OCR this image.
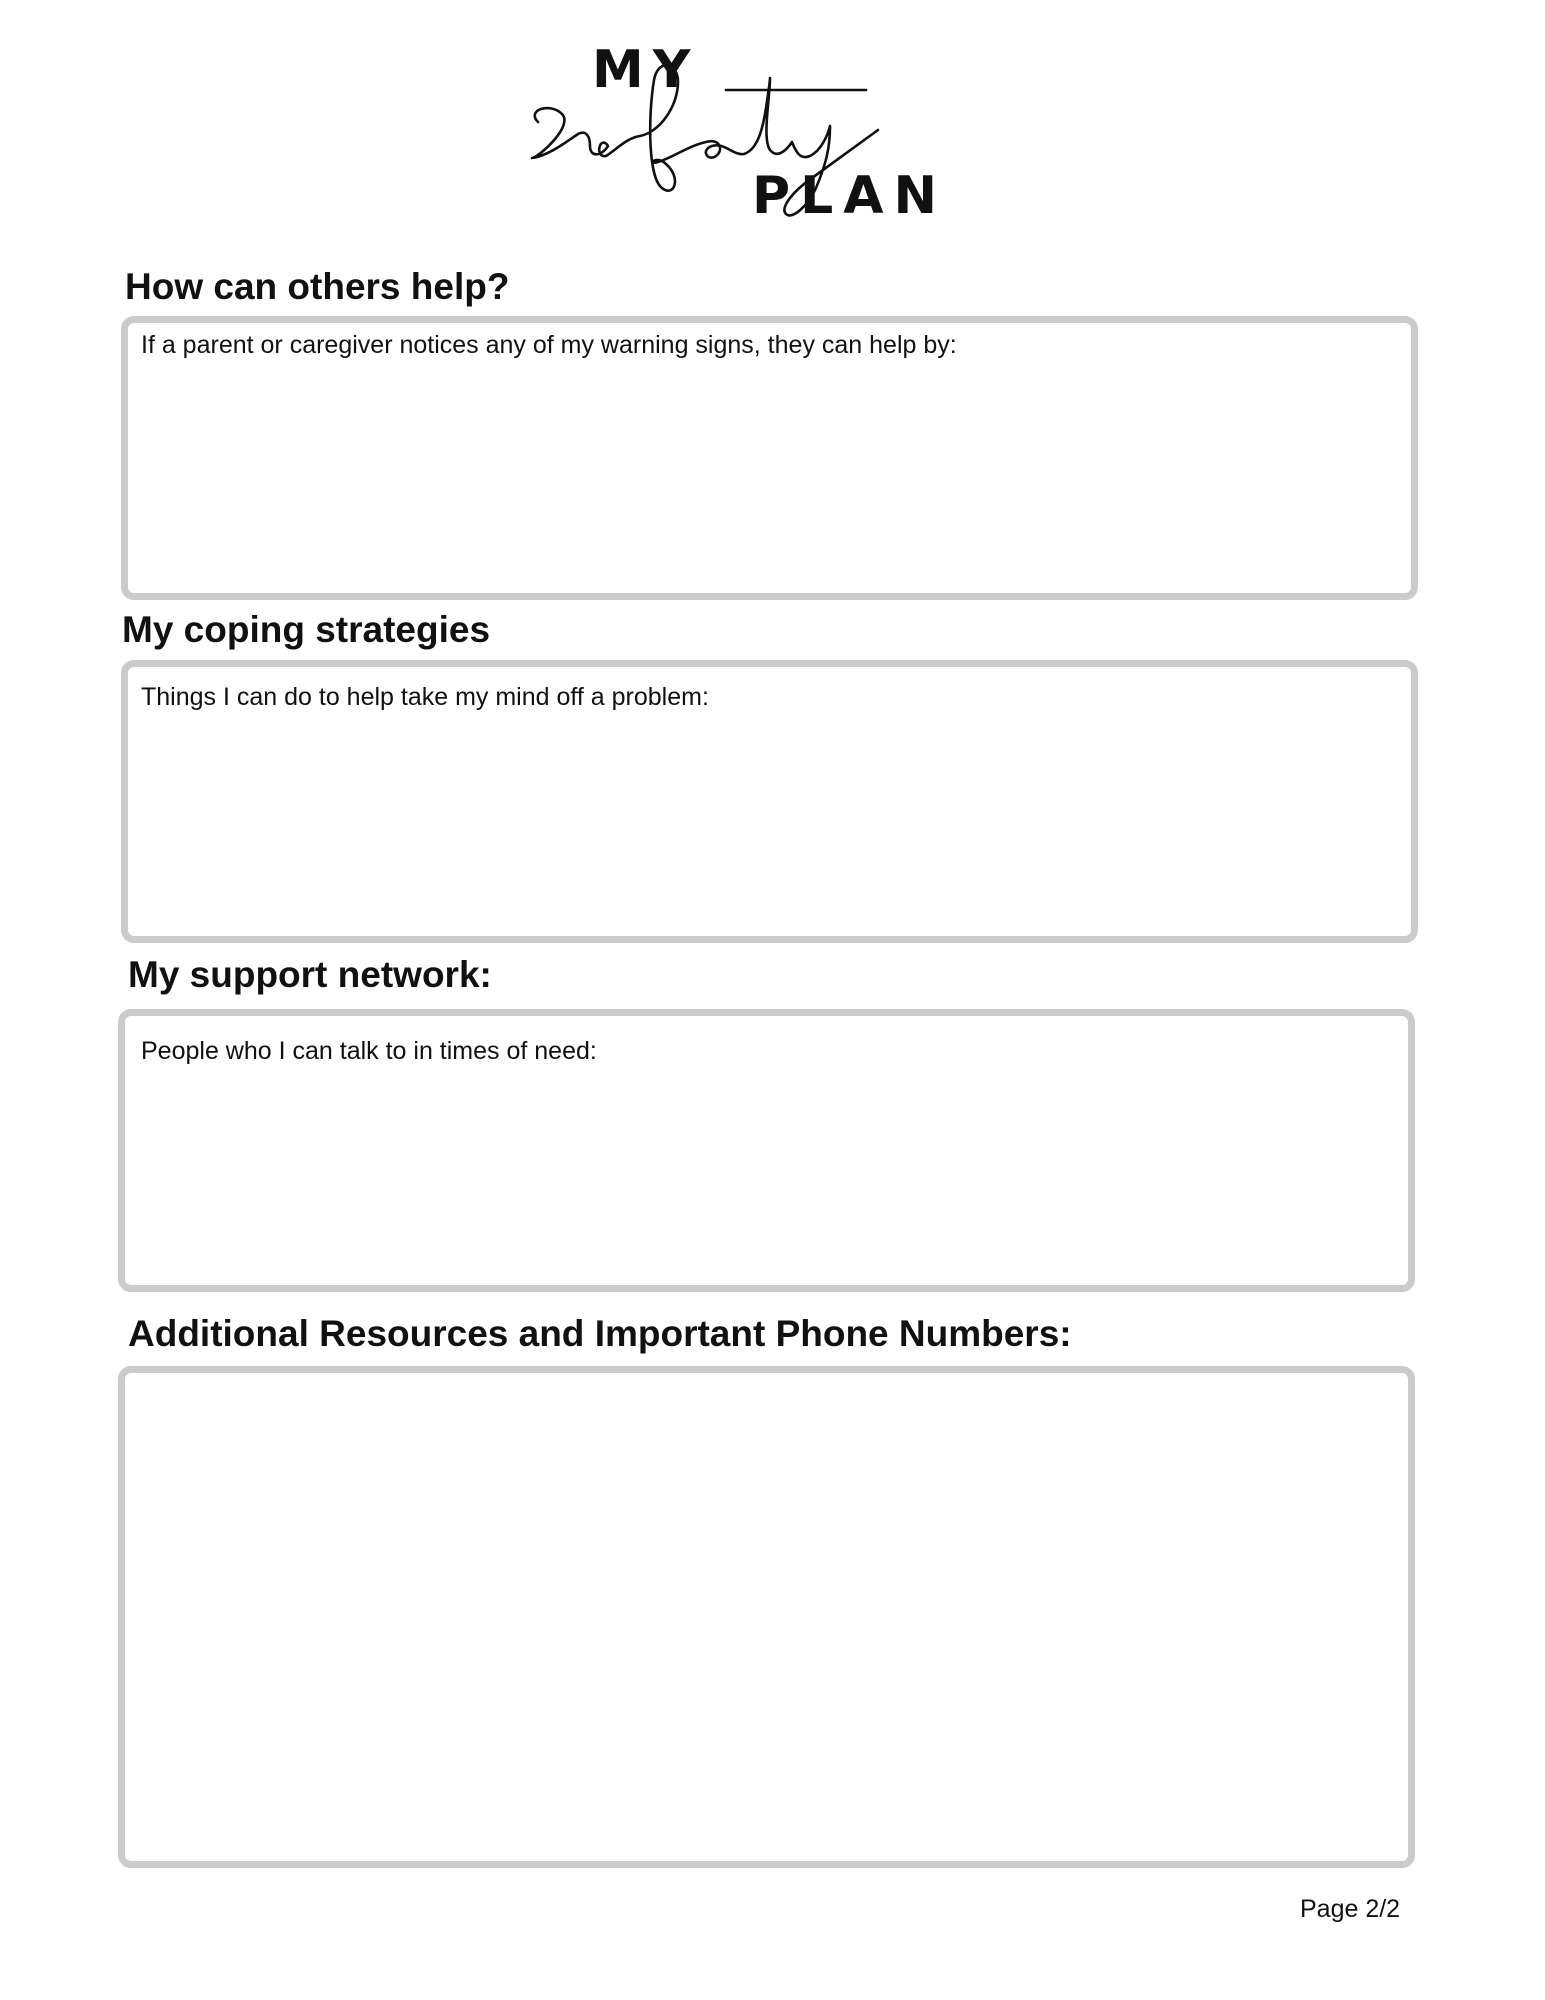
MY
PLAN
How can others help?
If a parent or caregiver notices any of my warning signs, they can help by:
My coping strategies
Things I can do to help take my mind off a problem:
My support network:
People who I can talk to in times of need:
Additional Resources and Important Phone Numbers:
Page 2/2
